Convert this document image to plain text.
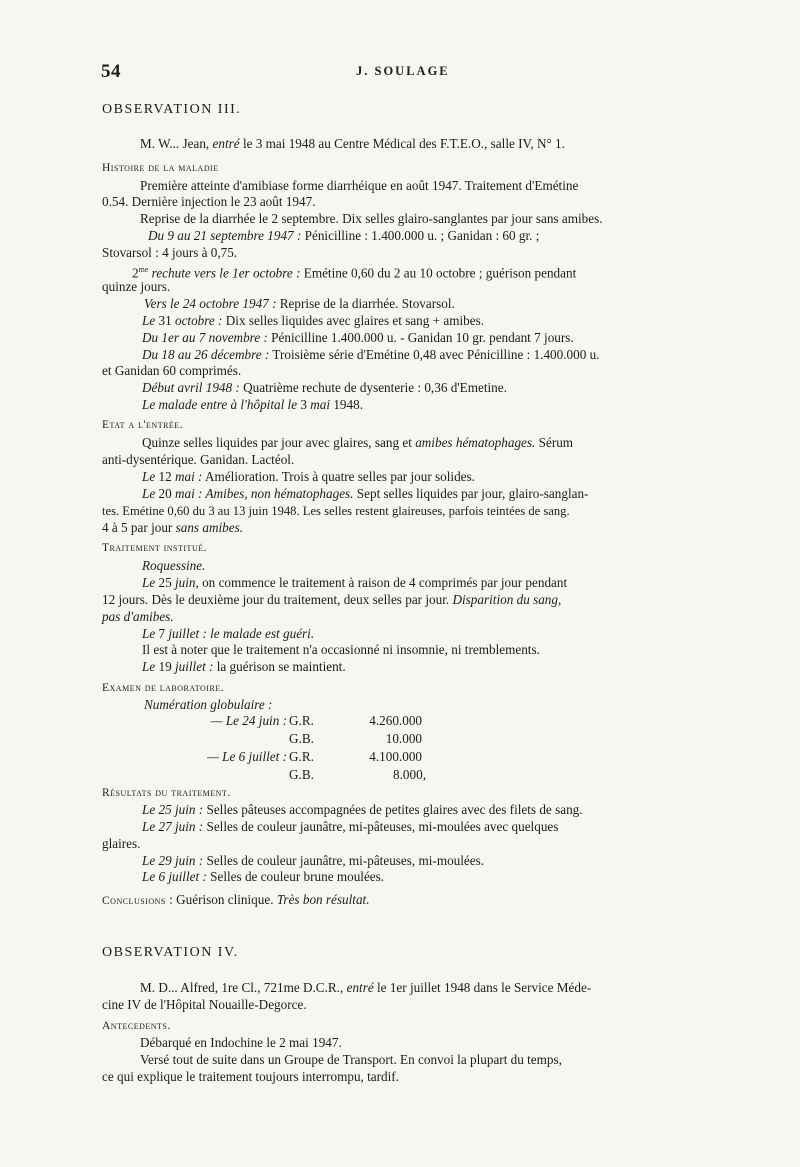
54	J. SOULAGE
OBSERVATION III.
M. W... Jean, entré le 3 mai 1948 au Centre Médical des F.T.E.O., salle IV, N° 1.
Histoire de la maladie
Première atteinte d'amibiase forme diarrhéique en août 1947. Traitement d'Emétine
0.54. Dernière injection le 23 août 1947.
Reprise de la diarrhée le 2 septembre. Dix selles glairo-sanglantes par jour sans amibes.
Du 9 au 21 septembre 1947 : Pénicilline : 1.400.000 u. ; Ganidan : 60 gr. ;
Stovarsol : 4 jours à 0,75.
$2^{me}$ rechute vers le 1er octobre : Emétine 0,60 du 2 au 10 octobre ; guérison pendant
quinze jours.
Vers le 24 octobre 1947 : Reprise de la diarrhée. Stovarsol.
Le 31 octobre : Dix selles liquides avec glaires et sang + amibes.
Du 1er au 7 novembre : Pénicilline 1.400.000 u. - Ganidan 10 gr. pendant 7 jours.
Du 18 au 26 décembre : Troisième série d'Emétine 0,48 avec Pénicilline : 1.400.000 u.
et Ganidan 60 comprimés.
Début avril 1948 : Quatrième rechute de dysenterie : 0,36 d'Emetine.
Le malade entre à l'hôpital le 3 mai 1948.
Etat a l'entrée.
Quinze selles liquides par jour avec glaires, sang et amibes hématophages. Sérum
anti-dysentérique. Ganidan. Lactéol.
Le 12 mai : Amélioration. Trois à quatre selles par jour solides.
Le 20 mai : Amibes, non hématophages. Sept selles liquides par jour, glairo-sanglan-
tes. Emétine 0,60 du 3 au 13 juin 1948. Les selles restent glaireuses, parfois teintées de sang.
4 à 5 par jour sans amibes.
Traitement institué.
Roquessine.
Le 25 juin, on commence le traitement à raison de 4 comprimés par jour pendant
12 jours. Dès le deuxième jour du traitement, deux selles par jour. Disparition du sang,
pas d'amibes.
Le 7 juillet : le malade est guéri.
Il est à noter que le traitement n'a occasionné ni insomnie, ni tremblements.
Le 19 juillet : la guérison se maintient.
Examen de laboratoire.
Numération globulaire :
— Le 24 juin : G.R.	4.260.000
G.B.	10.000
— Le 6 juillet : G.R.	4.100.000
G.B.	8.000,
Résultats du traitement.
Le 25 juin : Selles pâteuses accompagnées de petites glaires avec des filets de sang.
Le 27 juin : Selles de couleur jaunâtre, mi-pâteuses, mi-moulées avec quelques
glaires.
Le 29 juin : Selles de couleur jaunâtre, mi-pâteuses, mi-moulées.
Le 6 juillet : Selles de couleur brune moulées.
Conclusions : Guérison clinique. Très bon résultat.
OBSERVATION IV.
M. D... Alfred, 1re Cl., 721me D.C.R., entré le 1er juillet 1948 dans le Service Méde-
cine IV de l'Hôpital Nouaille-Degorce.
Antecedents.
Débarqué en Indochine le 2 mai 1947.
Versé tout de suite dans un Groupe de Transport. En convoi la plupart du temps,
ce qui explique le traitement toujours interrompu, tardif.
